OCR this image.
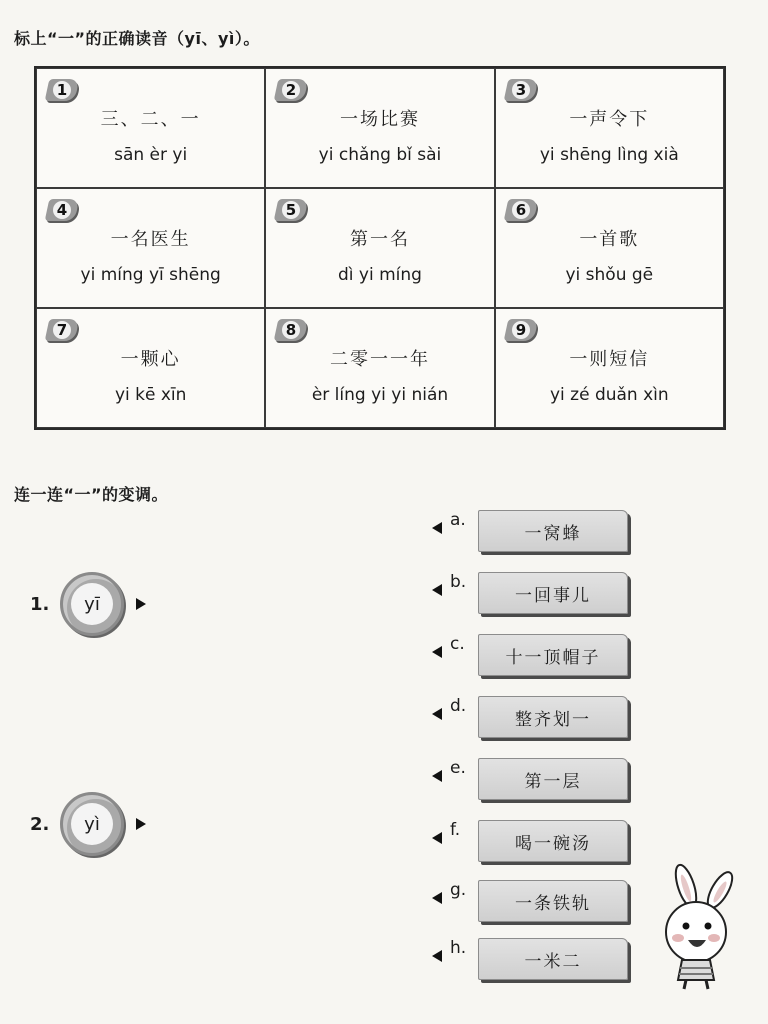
标上“一”的正确读音（yī、yì）。
1
三、二、一
sān èr yi
2
一场比赛
yi chǎng bǐ sài
3
一声令下
yi shēng lìng xià
4
一名医生
yi míng yī shēng
5
第一名
dì yi míng
6
一首歌
yi shǒu gē
7
一颗心
yi kē xīn
8
二零一一年
èr líng yi yi nián
9
一则短信
yi zé duǎn xìn
连一连“一”的变调。
1.	yī
2.	yì
a.
一窝蜂
b.
一回事儿
c.
十一顶帽子
d.
整齐划一
e.
第一层
f.
喝一碗汤
g.
一条铁轨
h.
一米二
